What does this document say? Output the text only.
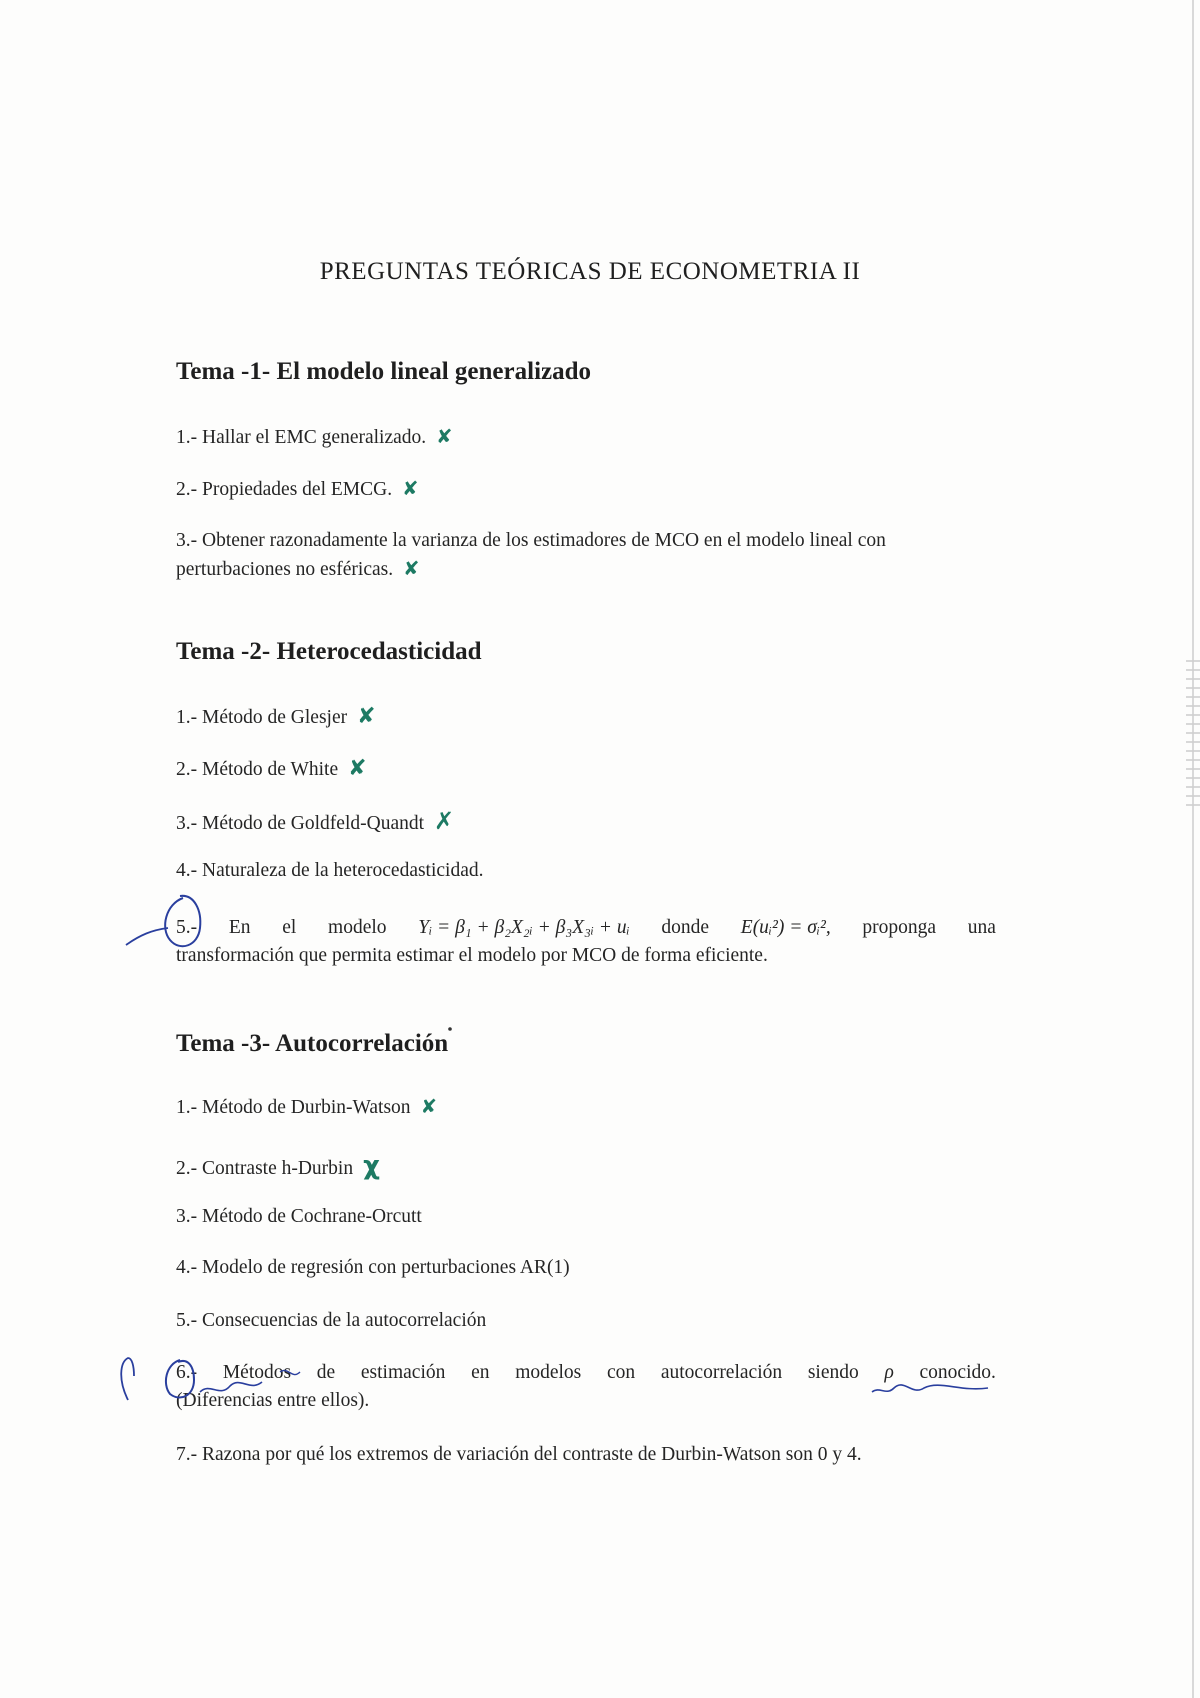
PREGUNTAS TEÓRICAS DE ECONOMETRIA II
Tema -1- El modelo lineal generalizado
1.- Hallar el EMC generalizado. ✘
2.- Propiedades del EMCG. ✘
3.- Obtener razonadamente la varianza de los estimadores de MCO en el modelo lineal con
perturbaciones no esféricas. ✘
Tema -2- Heterocedasticidad
1.- Método de Glesjer ✘
2.- Método de White ✘
3.- Método de Goldfeld-Quandt ✗
4.- Naturaleza de la heterocedasticidad.
5.- En el modelo Yᵢ = β₁ + β₂X₂ᵢ + β₃X₃ᵢ + uᵢ donde E(uᵢ²) = σᵢ², proponga una
transformación que permita estimar el modelo por MCO de forma eficiente.
Tema -3- Autocorrelación
1.- Método de Durbin-Watson ✘
2.- Contraste h-Durbin χ
3.- Método de Cochrane-Orcutt
4.- Modelo de regresión con perturbaciones AR(1)
5.- Consecuencias de la autocorrelación
6.- Métodos de estimación en modelos con autocorrelación siendo ρ conocido.
(Diferencias entre ellos).
7.- Razona por qué los extremos de variación del contraste de Durbin-Watson son 0 y 4.
